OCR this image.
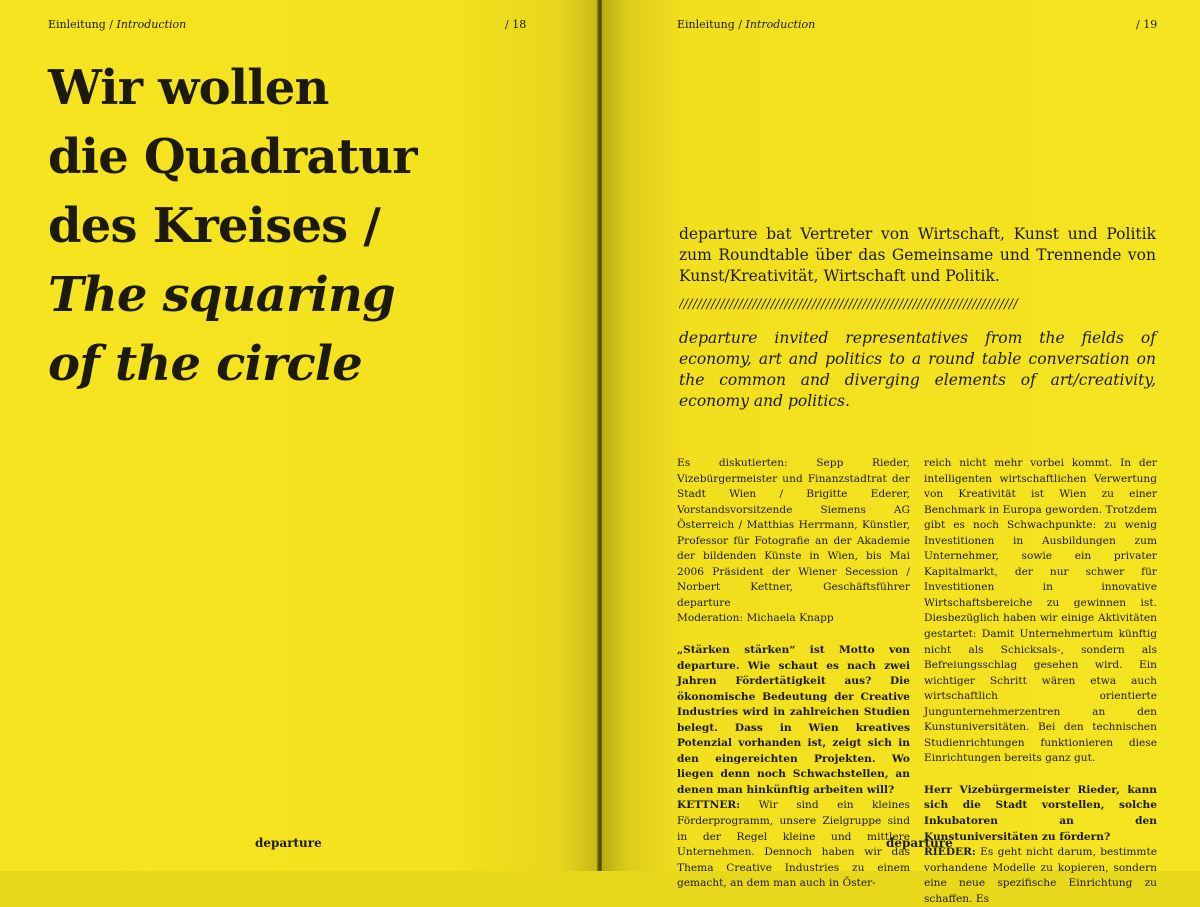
Einleitung / Introduction	/ 18
Wir wollen
die Quadratur
des Kreises /
The squaring
of the circle
departure
Einleitung / Introduction	/ 19

departure bat Vertreter von Wirtschaft, Kunst und Politik zum Roundtable über das Gemeinsame und Trennende von Kunst/Kreativität, Wirtschaft und Politik.

//////////////////////////////////////////////////////////////////////////

departure invited representatives from the fields of economy, art and politics to a round table conversation on the common and diverging elements of art/creativity, economy and politics.

Es diskutierten: Sepp Rieder, Vizebürgermeister und Finanzstadtrat der Stadt Wien / Brigitte Ederer, Vorstandsvorsitzende Siemens AG Österreich / Matthias Herrmann, Künstler, Professor für Fotografie an der Akademie der bildenden Künste in Wien, bis Mai 2006 Präsident der Wiener Secession / Norbert Kettner, Geschäftsführer departure

Moderation: Michaela Knapp

„Stärken stärken“ ist Motto von departure. Wie schaut es nach zwei Jahren Fördertätigkeit aus? Die ökonomische Bedeutung der Creative Industries wird in zahlreichen Studien belegt. Dass in Wien kreatives Potenzial vorhanden ist, zeigt sich in den eingereichten Projekten. Wo liegen denn noch Schwachstellen, an denen man hinkünftig arbeiten will?

KETTNER: Wir sind ein kleines Förderprogramm, unsere Zielgruppe sind in der Regel kleine und mittlere Unternehmen. Dennoch haben wir das Thema Creative Industries zu einem gemacht, an dem man auch in Öster-

reich nicht mehr vorbei kommt. In der intelligenten wirtschaftlichen Verwertung von Kreativität ist Wien zu einer Benchmark in Europa geworden. Trotzdem gibt es noch Schwachpunkte: zu wenig Investitionen in Ausbildungen zum Unternehmer, sowie ein privater Kapitalmarkt, der nur schwer für Investitionen in innovative Wirtschaftsbereiche zu gewinnen ist. Diesbezüglich haben wir einige Aktivitäten gestartet: Damit Unternehmertum künftig nicht als Schicksals-, sondern als Befreiungsschlag gesehen wird. Ein wichtiger Schritt wären etwa auch wirtschaftlich orientierte Jungunternehmerzentren an den Kunstuniversitäten. Bei den technischen Studienrichtungen funktionieren diese Einrichtungen bereits ganz gut.

Herr Vizebürgermeister Rieder, kann sich die Stadt vorstellen, solche Inkubatoren an den Kunstuniversitäten zu fördern?

RIEDER: Es geht nicht darum, bestimmte vorhandene Modelle zu kopieren, sondern eine neue spezifische Einrichtung zu schaffen. Es

departure
